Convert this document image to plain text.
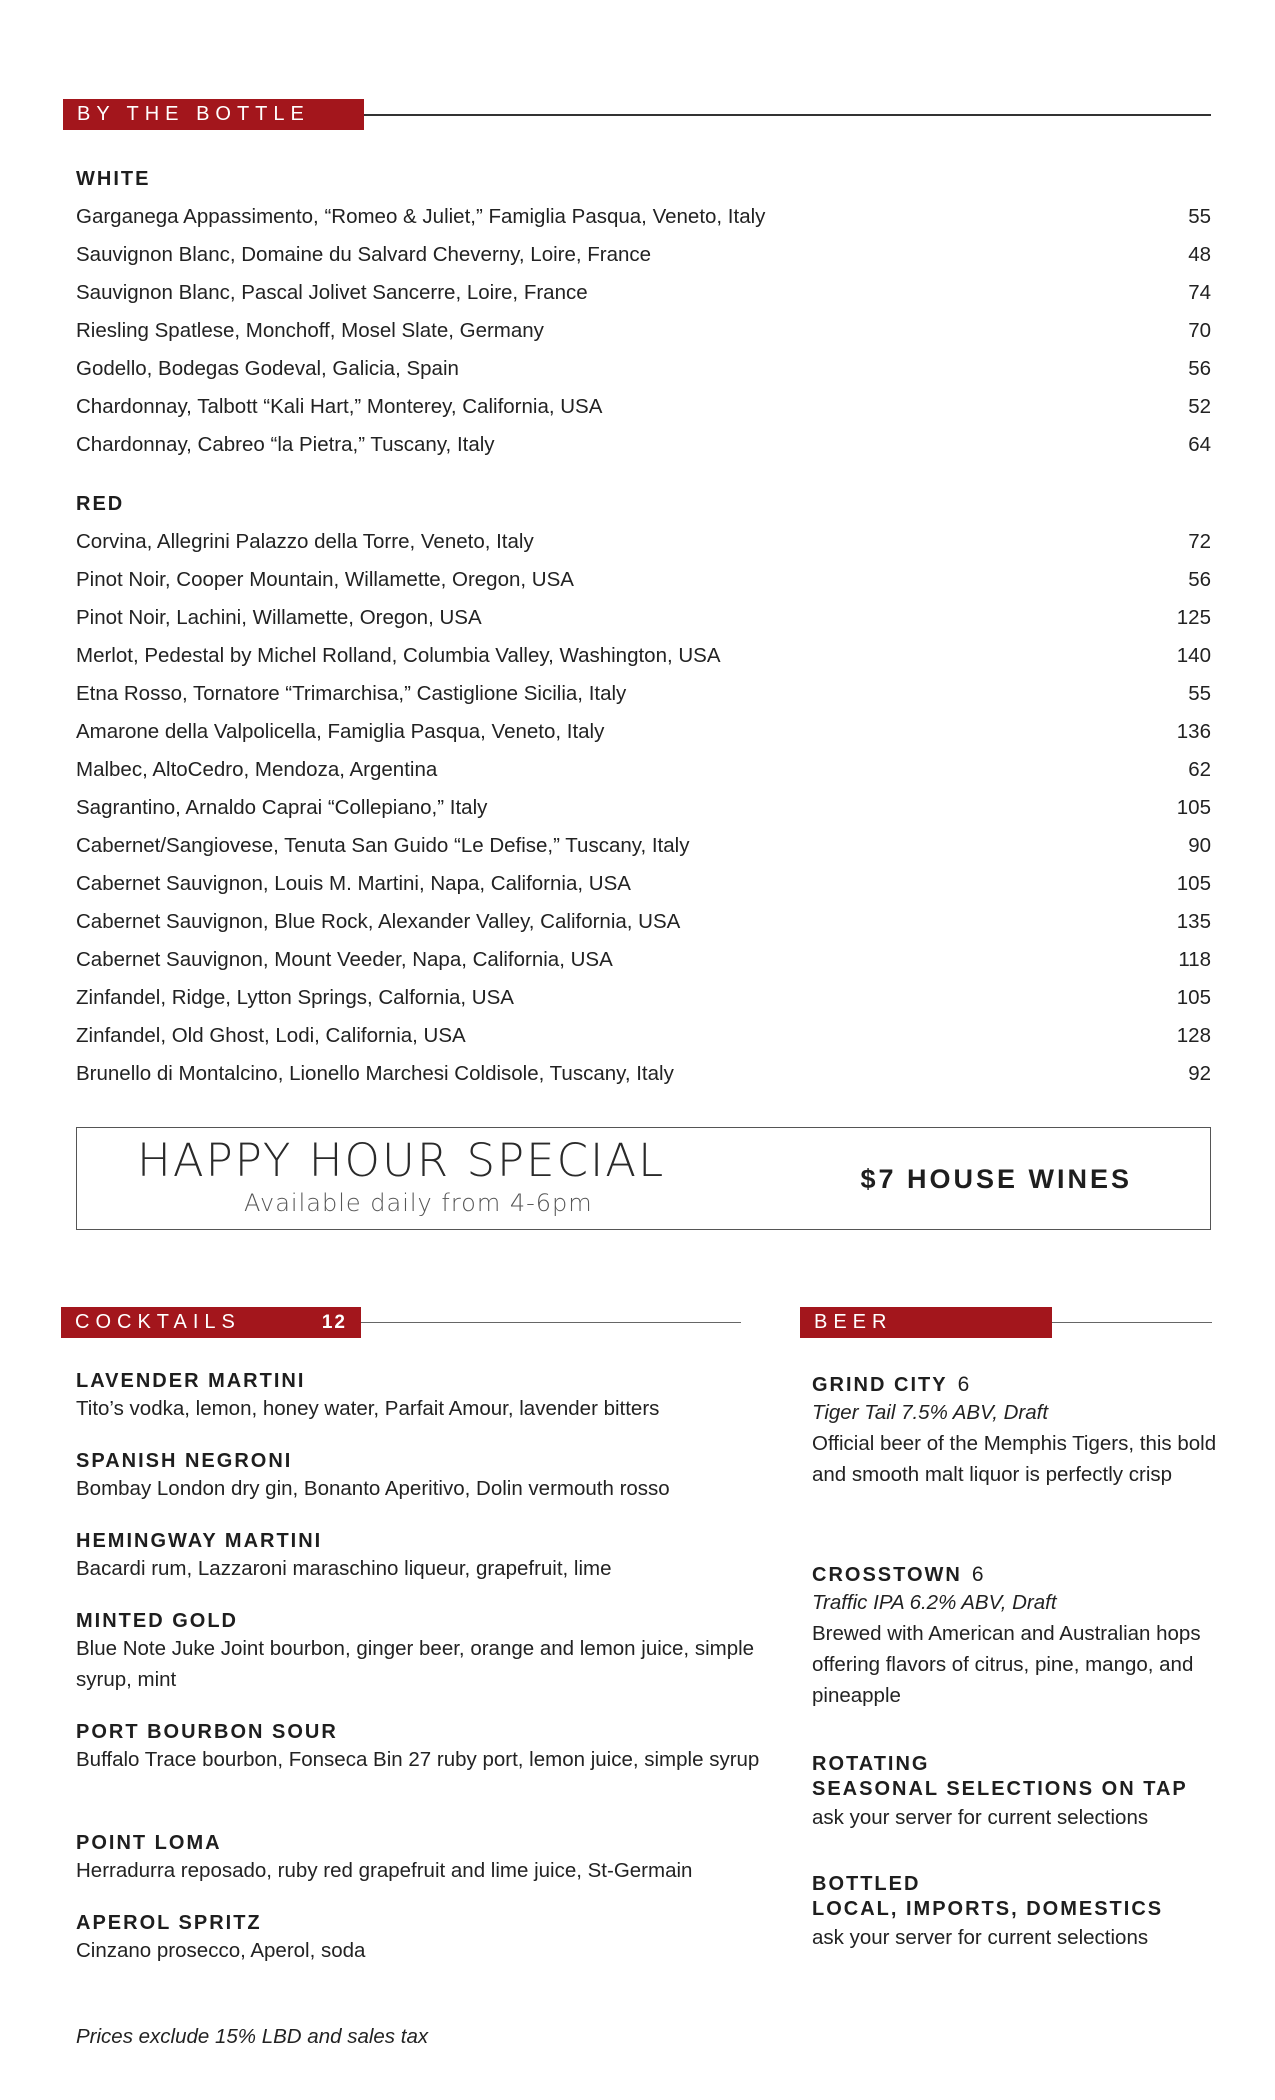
BY THE BOTTLE
WHITE
Garganega Appassimento, “Romeo & Juliet,” Famiglia Pasqua, Veneto, Italy	55
Sauvignon Blanc, Domaine du Salvard Cheverny, Loire, France	48
Sauvignon Blanc, Pascal Jolivet Sancerre, Loire, France	74
Riesling Spatlese, Monchoff, Mosel Slate, Germany	70
Godello, Bodegas Godeval, Galicia, Spain	56
Chardonnay, Talbott “Kali Hart,” Monterey, California, USA	52
Chardonnay, Cabreo “la Pietra,” Tuscany, Italy	64
RED
Corvina, Allegrini Palazzo della Torre, Veneto, Italy	72
Pinot Noir, Cooper Mountain, Willamette, Oregon, USA	56
Pinot Noir, Lachini, Willamette, Oregon, USA	125
Merlot, Pedestal by Michel Rolland, Columbia Valley, Washington, USA	140
Etna Rosso, Tornatore “Trimarchisa,” Castiglione Sicilia, Italy	55
Amarone della Valpolicella, Famiglia Pasqua, Veneto, Italy	136
Malbec, AltoCedro, Mendoza, Argentina	62
Sagrantino, Arnaldo Caprai “Collepiano,” Italy	105
Cabernet/Sangiovese, Tenuta San Guido “Le Defise,” Tuscany, Italy	90
Cabernet Sauvignon, Louis M. Martini, Napa, California, USA	105
Cabernet Sauvignon, Blue Rock, Alexander Valley, California, USA	135
Cabernet Sauvignon, Mount Veeder, Napa, California, USA	118
Zinfandel, Ridge, Lytton Springs, Calfornia, USA	105
Zinfandel, Old Ghost, Lodi, California, USA	128
Brunello di Montalcino, Lionello Marchesi Coldisole, Tuscany, Italy	92
HAPPY HOUR SPECIAL
Available daily from 4-6pm
$7 HOUSE WINES
COCKTAILS	12
LAVENDER MARTINI
Tito’s vodka, lemon, honey water, Parfait Amour, lavender bitters
SPANISH NEGRONI
Bombay London dry gin, Bonanto Aperitivo, Dolin vermouth rosso
HEMINGWAY MARTINI
Bacardi rum, Lazzaroni maraschino liqueur, grapefruit, lime
MINTED GOLD
Blue Note Juke Joint bourbon, ginger beer, orange and lemon juice, simple syrup, mint
PORT BOURBON SOUR
Buffalo Trace bourbon, Fonseca Bin 27 ruby port, lemon juice, simple syrup
POINT LOMA
Herradurra reposado, ruby red grapefruit and lime juice, St-Germain
APEROL SPRITZ
Cinzano prosecco, Aperol, soda
BEER
GRIND CITY 6
Tiger Tail 7.5% ABV, Draft
Official beer of the Memphis Tigers, this bold and smooth malt liquor is perfectly crisp
CROSSTOWN 6
Traffic IPA 6.2% ABV, Draft
Brewed with American and Australian hops offering flavors of citrus, pine, mango, and pineapple
ROTATING
SEASONAL SELECTIONS ON TAP
ask your server for current selections
BOTTLED
LOCAL, IMPORTS, DOMESTICS
ask your server for current selections
Prices exclude 15% LBD and sales tax
